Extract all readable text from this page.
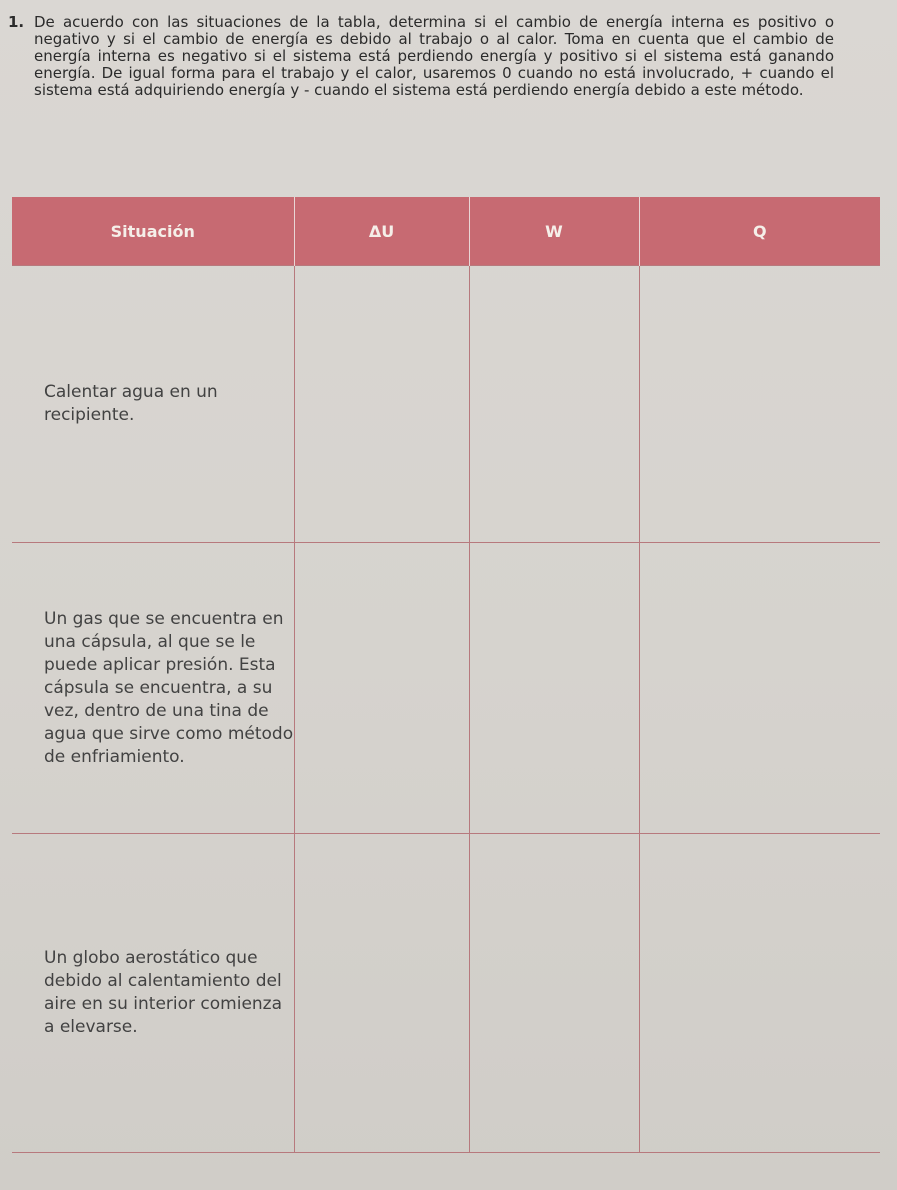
1. De acuerdo con las situaciones de la tabla, determina si el cambio de energía interna es positivo o negativo y si el cambio de energía es debido al trabajo o al calor. Toma en cuenta que el cambio de energía interna es negativo si el sistema está perdiendo energía y positivo si el sistema está ganando energía. De igual forma para el trabajo y el calor, usaremos 0 cuando no está involucrado, + cuando el sistema está adquiriendo energía y - cuando el sistema está perdiendo energía debido a este método.
Situación	ΔU	W	Q
Calentar agua en un recipiente.			
Un gas que se encuentra en una cápsula, al que se le puede aplicar presión. Esta cápsula se encuentra, a su vez, dentro de una tina de agua que sirve como método de enfriamiento.			
Un globo aerostático que debido al calentamiento del aire en su interior comienza a elevarse.			
